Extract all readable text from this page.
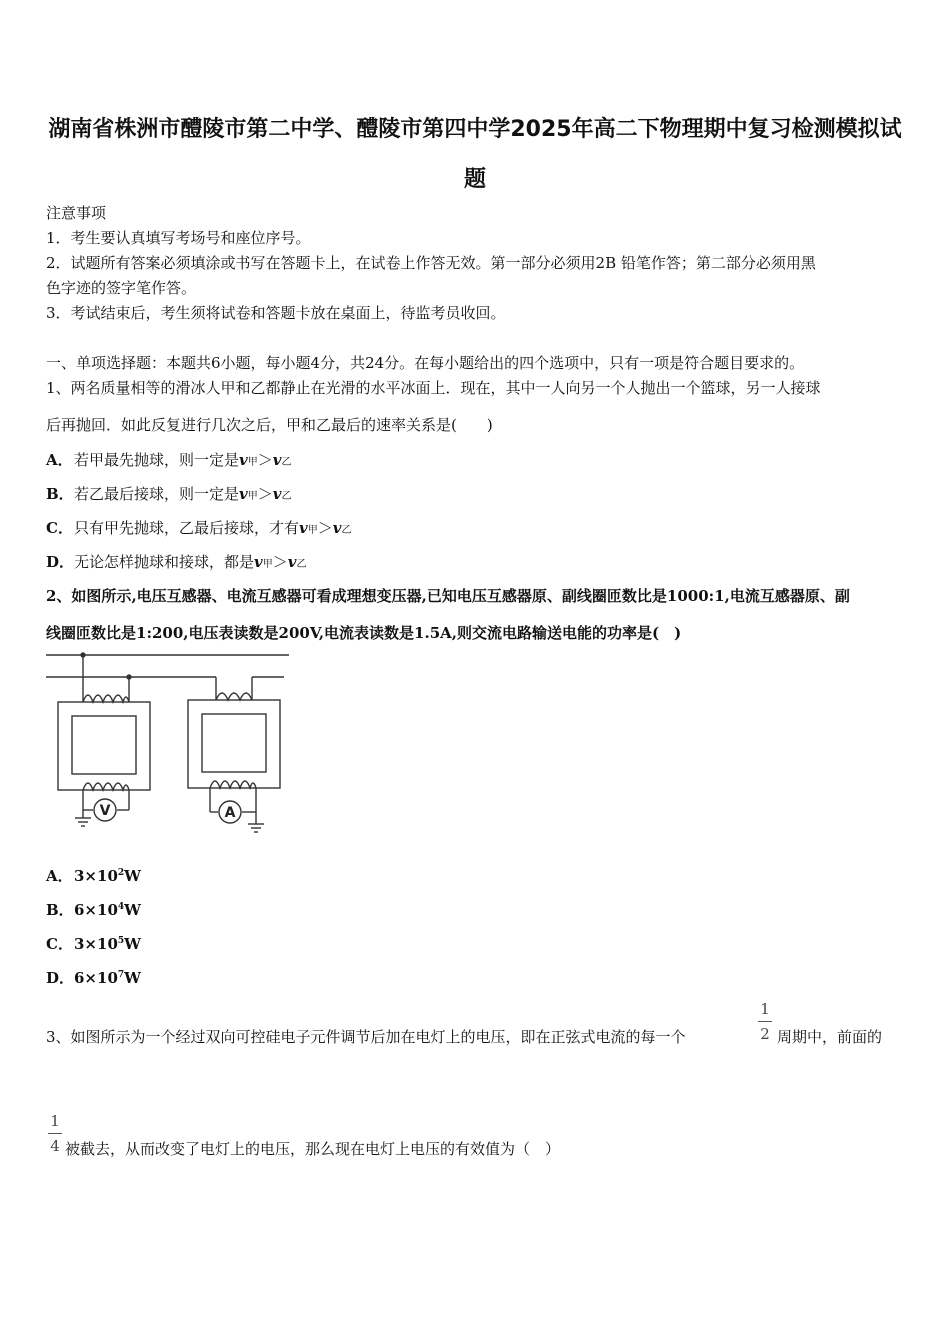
湖南省株洲市醴陵市第二中学、醴陵市第四中学2025年高二下物理期中复习检测模拟试
题
注意事项
1．考生要认真填写考场号和座位序号。
2．试题所有答案必须填涂或书写在答题卡上，在试卷上作答无效。第一部分必须用2B 铅笔作答；第二部分必须用黑
色字迹的签字笔作答。
3．考试结束后，考生须将试卷和答题卡放在桌面上，待监考员收回。
一、单项选择题：本题共6小题，每小题4分，共24分。在每小题给出的四个选项中，只有一项是符合题目要求的。
1、两名质量相等的滑冰人甲和乙都静止在光滑的水平冰面上．现在，其中一人向另一个人抛出一个篮球，另一人接球
后再抛回．如此反复进行几次之后，甲和乙最后的速率关系是(　　)
A．若甲最先抛球，则一定是v甲＞v乙
B．若乙最后接球，则一定是v甲＞v乙
C．只有甲先抛球，乙最后接球，才有v甲＞v乙
D．无论怎样抛球和接球，都是v甲＞v乙
2、如图所示,电压互感器、电流互感器可看成理想变压器,已知电压互感器原、副线圈匝数比是1000:1,电流互感器原、副
线圈匝数比是1:200,电压表读数是200V,电流表读数是1.5A,则交流电路输送电能的功率是(　)
V	A
A．$3\times 10^2W$
B．$6\times 10^4W$
C．$3\times 10^5W$
D．$6\times 10^7W$
3、如图所示为一个经过双向可控硅电子元件调节后加在电灯上的电压，即在正弦式电流的每一个
1
2 周期中，前面的
1
4 被截去，从而改变了电灯上的电压，那么现在电灯上电压的有效值为（　）
